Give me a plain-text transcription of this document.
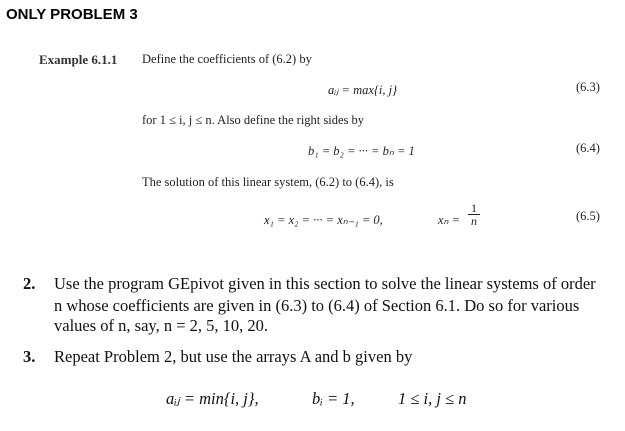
ONLY PROBLEM 3
Example 6.1.1 Define the coefficients of (6.2) by
aᵢⱼ = max{i, j}	(6.3)
for 1 ≤ i, j ≤ n. Also define the right sides by
b₁ = b₂ = ··· = bₙ = 1	(6.4)
The solution of this linear system, (6.2) to (6.4), is
x₁ = x₂ = ··· = xₙ₋₁ = 0,	$x_n = \frac{1}{n}$	(6.5)
2. Use the program GEpivot given in this section to solve the linear systems of order
n whose coefficients are given in (6.3) to (6.4) of Section 6.1. Do so for various
values of n, say, n = 2, 5, 10, 20.
3. Repeat Problem 2, but use the arrays A and b given by
aᵢⱼ = min{i, j},	bᵢ = 1,	1 ≤ i, j ≤ n
